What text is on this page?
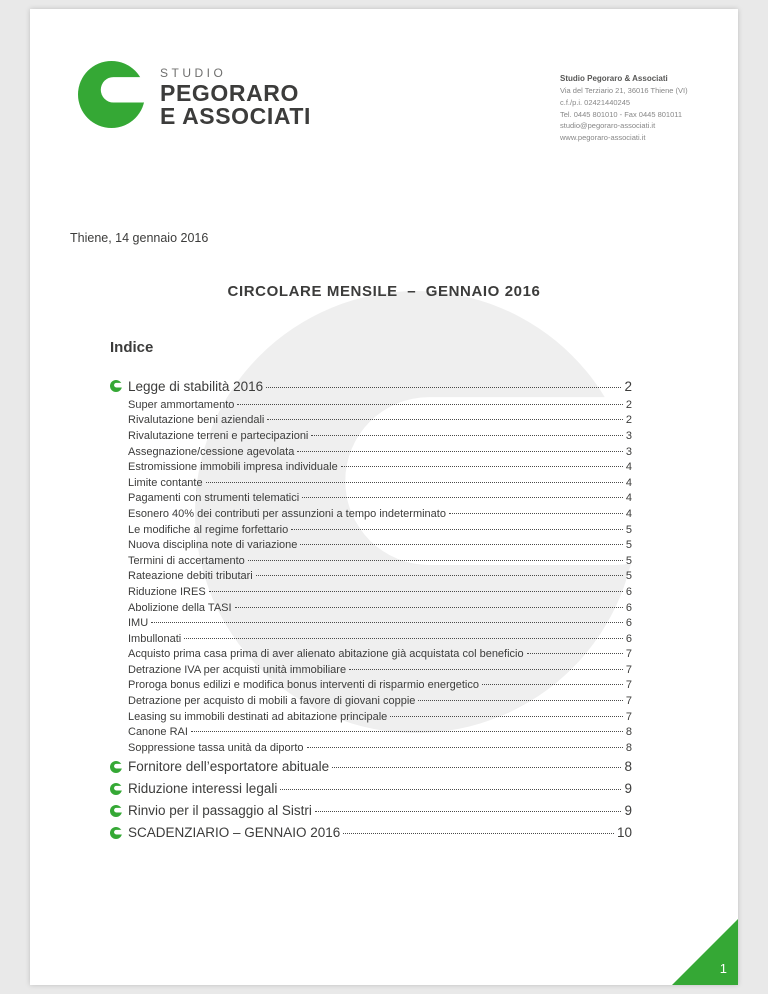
STUDIO
PEGORARO
E ASSOCIATI
Studio Pegoraro & Associati
Via del Terziario 21, 36016 Thiene (VI)
c.f./p.i. 02421440245
Tel. 0445 801010 - Fax 0445 801011
studio@pegoraro-associati.it
www.pegoraro-associati.it
Thiene, 14 gennaio 2016
CIRCOLARE MENSILE  –  GENNAIO 2016
Indice
Legge di stabilità 2016	2
Super ammortamento	2
Rivalutazione beni aziendali	2
Rivalutazione terreni e partecipazioni	3
Assegnazione/cessione agevolata	3
Estromissione immobili impresa individuale	4
Limite contante	4
Pagamenti con strumenti telematici	4
Esonero 40% dei contributi per assunzioni a tempo indeterminato	4
Le modifiche al regime forfettario	5
Nuova disciplina note di variazione	5
Termini di accertamento	5
Rateazione debiti tributari	5
Riduzione IRES	6
Abolizione della TASI	6
IMU	6
Imbullonati	6
Acquisto prima casa prima di aver alienato abitazione già acquistata col beneficio	7
Detrazione IVA per acquisti unità immobiliare	7
Proroga bonus edilizi e modifica bonus interventi di risparmio energetico	7
Detrazione per acquisto di mobili a favore di giovani coppie	7
Leasing su immobili destinati ad abitazione principale	7
Canone RAI	8
Soppressione tassa unità da diporto	8
Fornitore dell’esportatore abituale	8
Riduzione interessi legali	9
Rinvio per il passaggio al Sistri	9
SCADENZIARIO – GENNAIO 2016	10
1
